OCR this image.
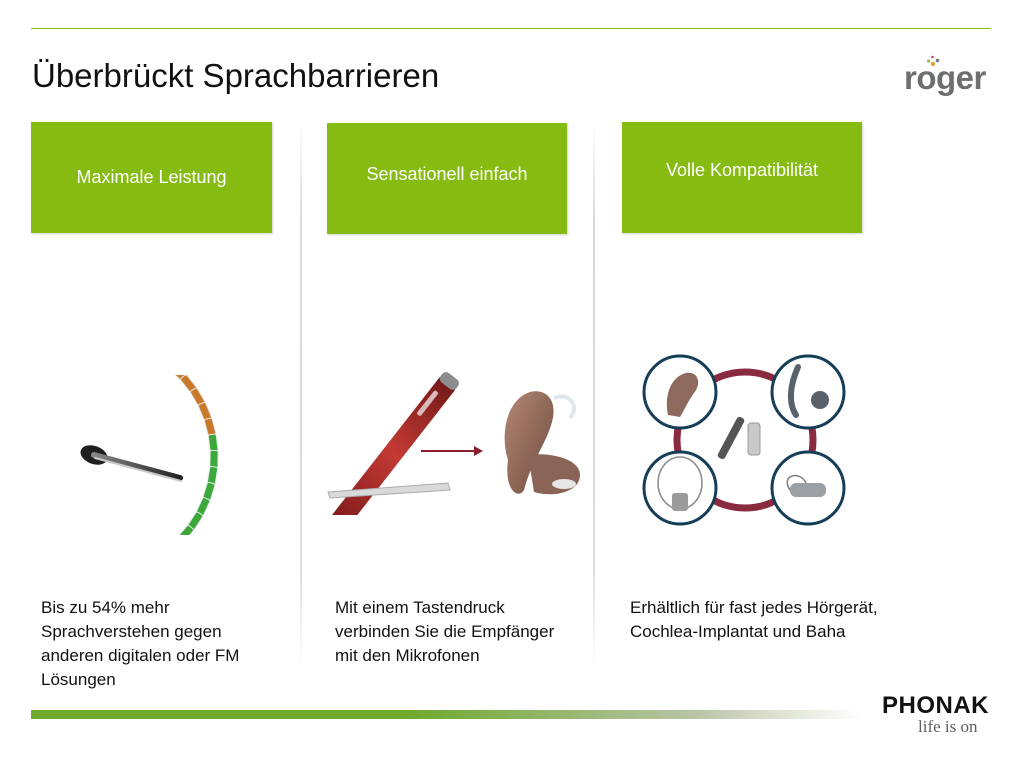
Überbrückt Sprachbarrieren	roger
Maximale Leistung
Bis zu 54% mehr Sprachverstehen gegen anderen digitalen oder FM Lösungen
Sensationell einfach
Mit einem Tastendruck verbinden Sie die Empfänger mit den Mikrofonen
Volle Kompatibilität
Erhältlich für fast jedes Hörgerät, Cochlea-Implantat und Baha
PHONAK
life is on
